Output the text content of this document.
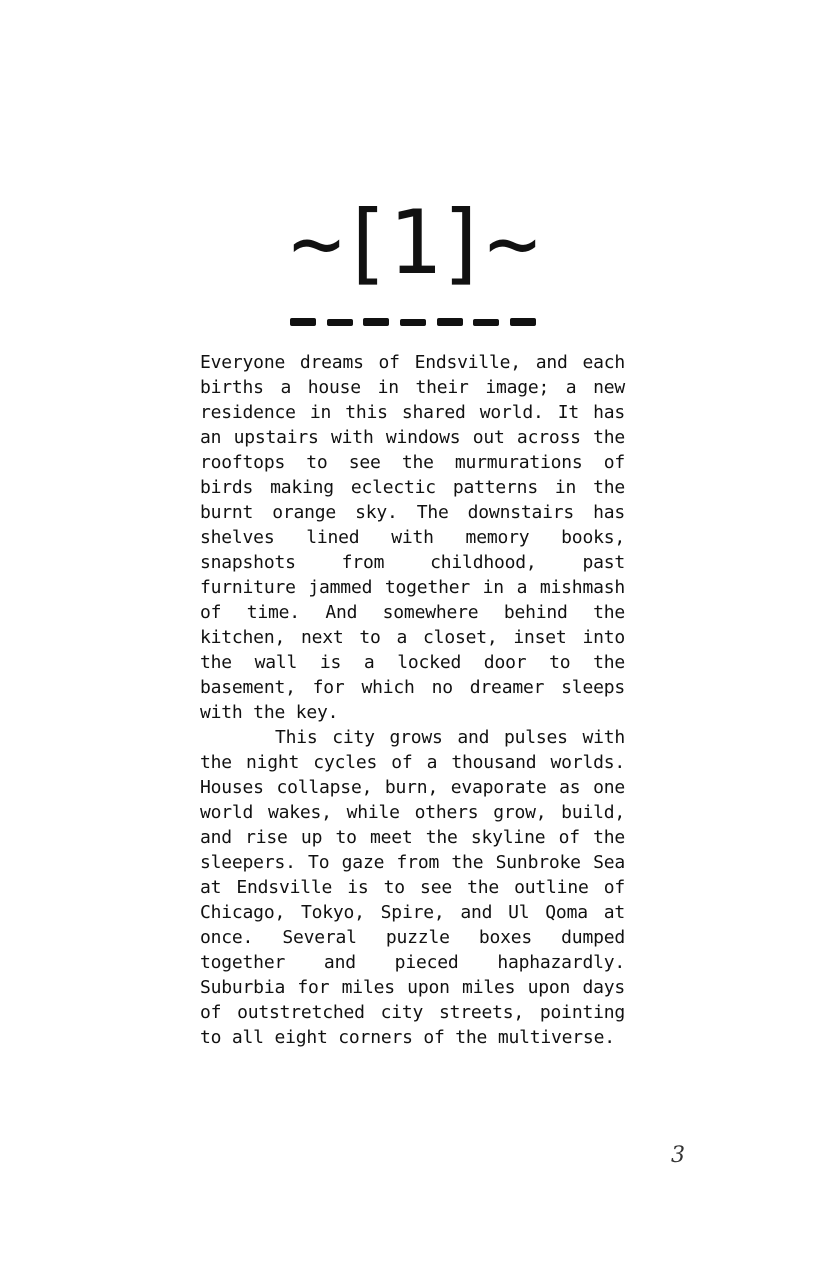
~[1]~

Everyone dreams of Endsville, and each births a house in their image; a new residence in this shared world. It has an upstairs with windows out across the rooftops to see the murmurations of birds making eclectic patterns in the burnt orange sky. The downstairs has shelves lined with memory books, snapshots from childhood, past furniture jammed together in a mishmash of time. And somewhere behind the kitchen, next to a closet, inset into the wall is a locked door to the basement, for which no dreamer sleeps with the key.

This city grows and pulses with the night cycles of a thousand worlds. Houses collapse, burn, evaporate as one world wakes, while others grow, build, and rise up to meet the skyline of the sleepers. To gaze from the Sunbroke Sea at Endsville is to see the outline of Chicago, Tokyo, Spire, and Ul Qoma at once. Several puzzle boxes dumped together and pieced haphazardly. Suburbia for miles upon miles upon days of outstretched city streets, pointing to all eight corners of the multiverse.

3
